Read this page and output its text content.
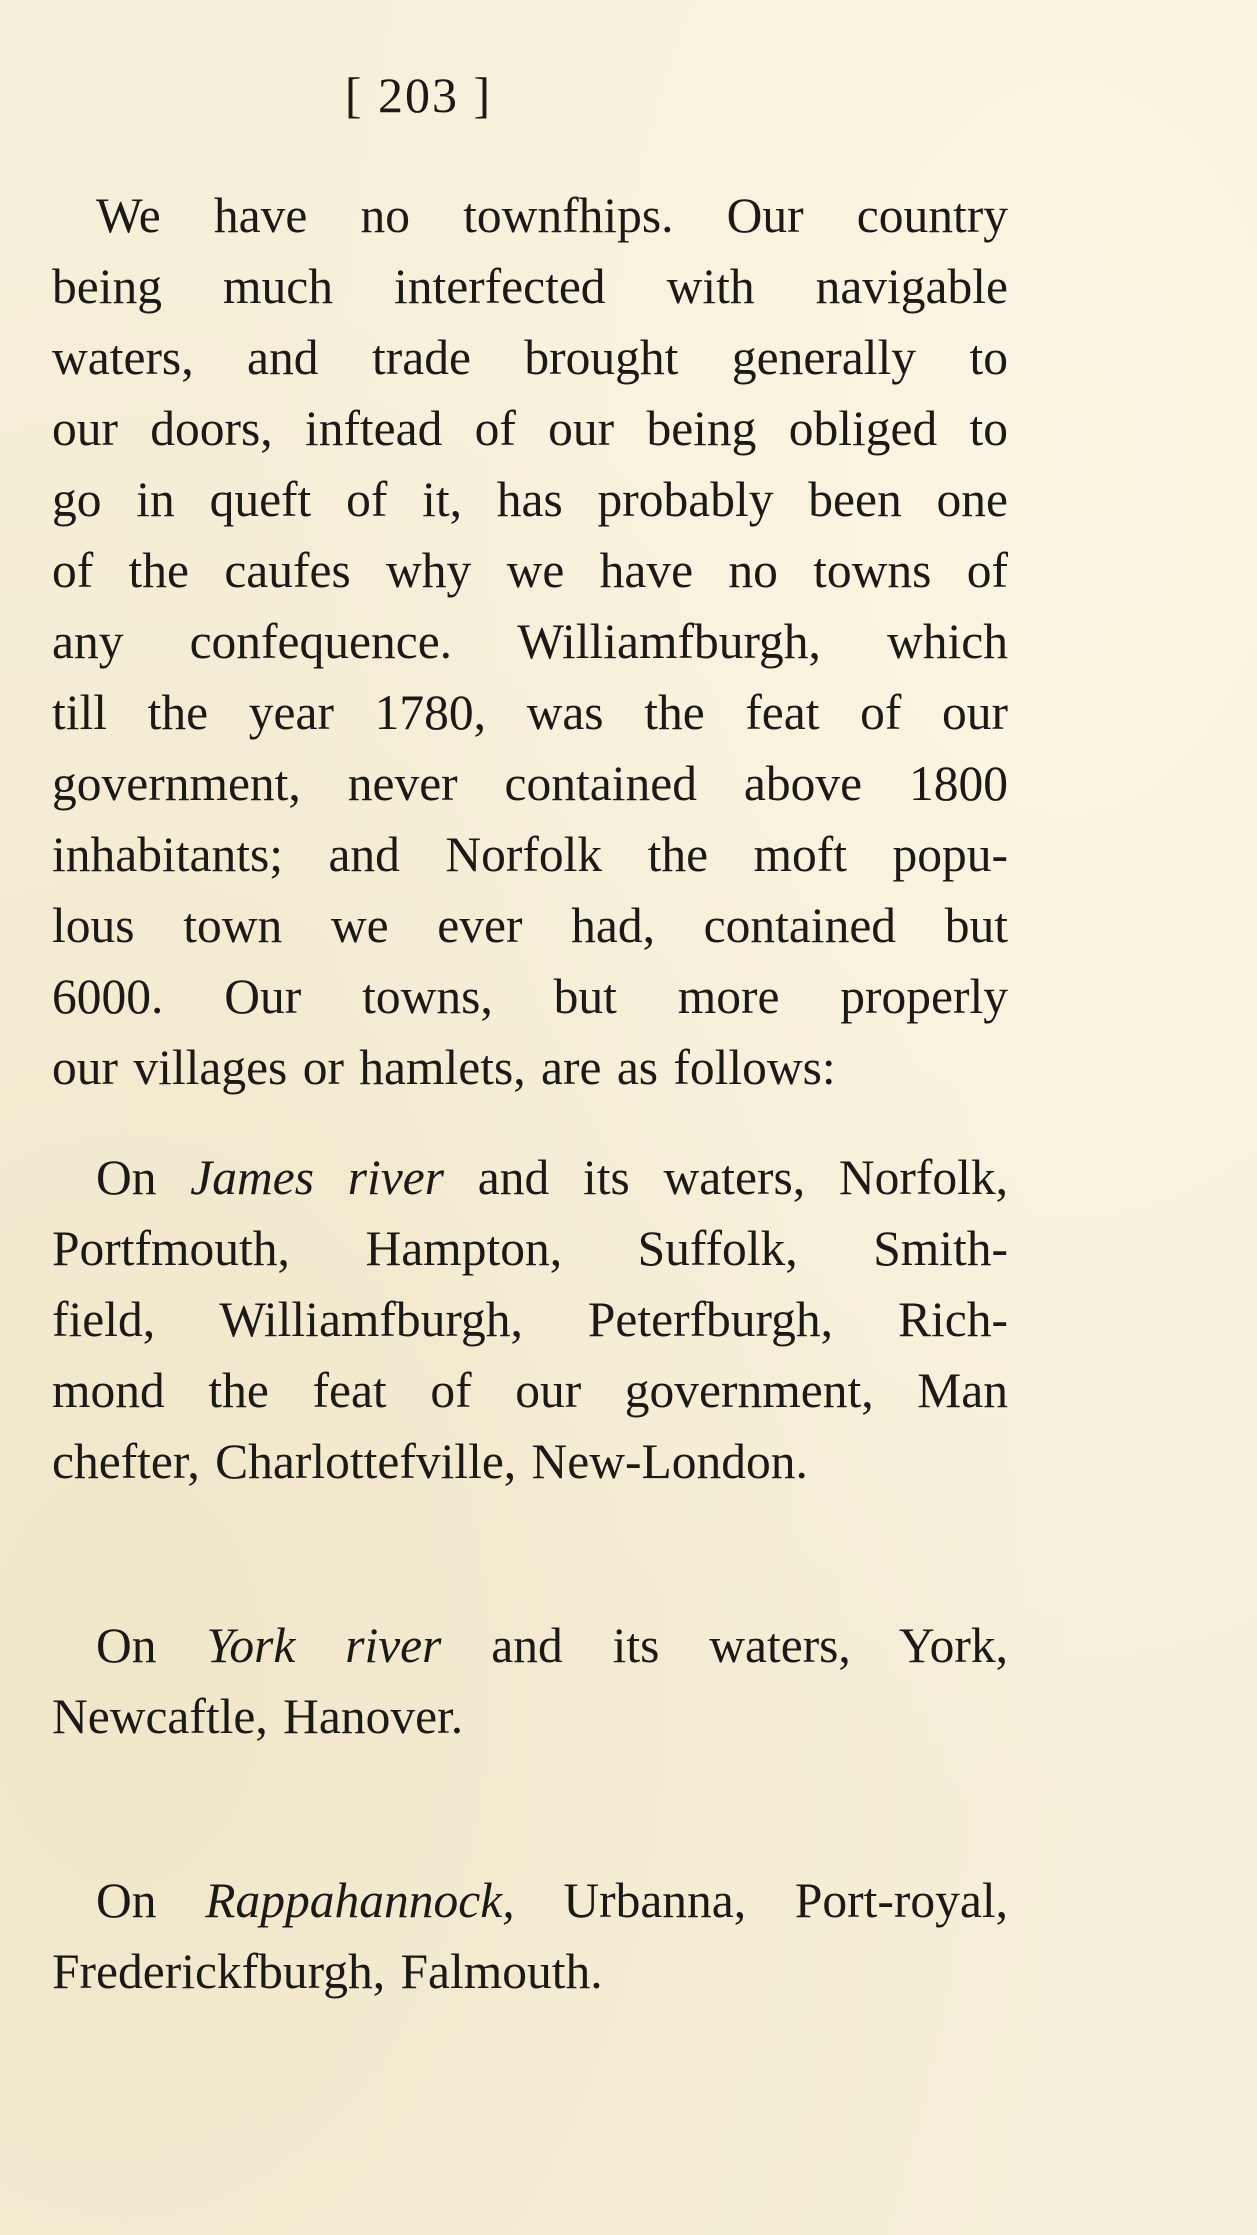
[ 203 ]

We have no townfhips. Our country
being much interfeсted with navigable
waters, and trade brought generally to
our doors, inftead of our being obliged to
go in queft of it, has probably been one
of the caufes why we have no towns of
any confequence. Williamfburgh, which
till the year 1780, was the feat of our
government, never contained above 1800
inhabitants; and Norfolk the moft popu-
lous town we ever had, contained but
6000. Our towns, but more properly
our villages or hamlets, are as follows:

On James river and its waters, Norfolk,
Portfmouth, Hampton, Suffolk, Smith-
field, Williamfburgh, Peterfburgh, Rich-
mond the feat of our government, Man
chefter, Charlottefville, New-London.

On York river and its waters, York,
Newcaftle, Hanover.

On Rappahannock, Urbanna, Port-royal,
Frederickfburgh, Falmouth.
